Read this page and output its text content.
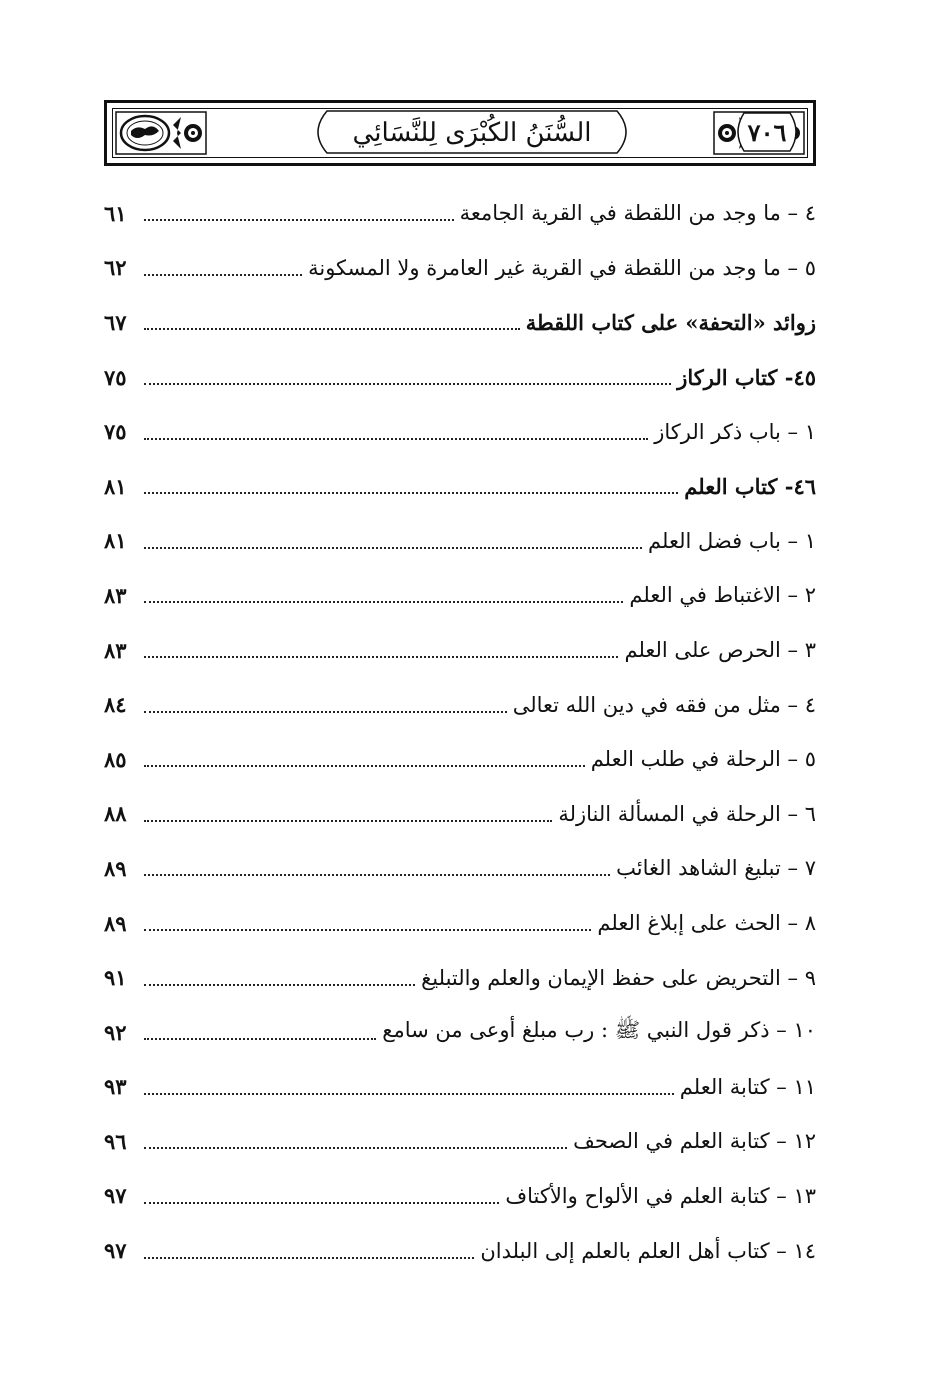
السُّنَنُ الكُبْرَى لِلنَّسَائِي	٧٠٦
٤ – ما وجد من اللقطة في القرية الجامعة
٦١
٥ – ما وجد من اللقطة في القرية غير العامرة ولا المسكونة
٦٢
زوائد «التحفة» على كتاب اللقطة
٦٧
٤٥- كتاب الركاز
٧٥
١ – باب ذكر الركاز
٧٥
٤٦- كتاب العلم
٨١
١ – باب فضل العلم
٨١
٢ – الاغتباط في العلم
٨٣
٣ – الحرص على العلم
٨٣
٤ – مثل من فقه في دين الله تعالى
٨٤
٥ – الرحلة في طلب العلم
٨٥
٦ – الرحلة في المسألة النازلة
٨٨
٧ – تبليغ الشاهد الغائب
٨٩
٨ – الحث على إبلاغ العلم
٨٩
٩ – التحريض على حفظ الإيمان والعلم والتبليغ
٩١
١٠ – ذكر قول النبي ﷺ : رب مبلغ أوعى من سامع
٩٢
١١ – كتابة العلم
٩٣
١٢ – كتابة العلم في الصحف
٩٦
١٣ – كتابة العلم في الألواح والأكتاف
٩٧
١٤ – كتاب أهل العلم بالعلم إلى البلدان
٩٧
